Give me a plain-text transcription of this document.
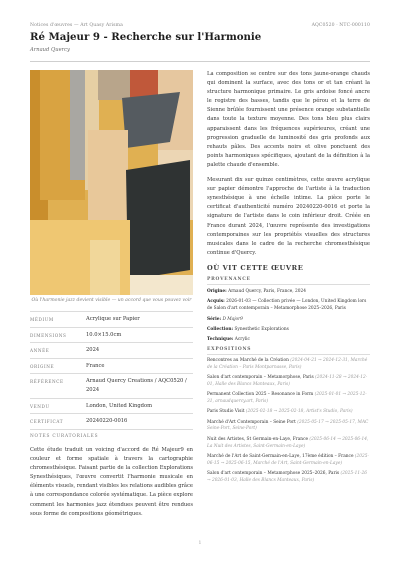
Notices d'œuvres — Art Quasy Arisma	AQC0520 · NTC-000110
Ré Majeur 9 - Recherche sur l'Harmonie
Arnaud Quercy
Où l'harmonie jazz devient visible — un accord que vous pouvez voir
MÉDIUM	Acrylique sur Papier
DIMENSIONS	10.0×15.0cm
ANNÉE	2024
ORIGINE	France
RÉFÉRENCE	Arnaud Quercy Creations / AQC0520 / 2024
VENDU	London, United Kingdom
CERTIFICAT	20240220-0016
NOTES CURATORIALES

Cette étude traduit un voicing d'accord de Ré Majeur9 en couleur et forme spatiale à travers la cartographie chromesthésique. Faisant partie de la collection Explorations Synesthésiques, l'œuvre convertit l'harmonie musicale en éléments visuels, rendant visibles les relations audibles grâce à une correspondance colorée systématique. La pièce explore comment les harmonies jazz étendues peuvent être rendues sous forme de compositions géométriques.

La composition se centre sur des tons jaune-orange chauds qui dominent la surface, avec des tons or et tan créant la structure harmonique primaire. Le gris ardoise foncé ancre le registre des basses, tandis que le pérou et la terre de Sienne brûlée fournissent une présence orange substantielle dans toute la texture moyenne. Des tons bleu plus clairs apparaissent dans les fréquences supérieures, créant une progression graduelle de luminosité des gris profonds aux rehauts pâles. Des accents noirs et olive ponctuent des points harmoniques spécifiques, ajoutant de la définition à la palette chaude d'ensemble.

Mesurant dix sur quinze centimètres, cette œuvre acrylique sur papier démontre l'approche de l'artiste à la traduction synesthésique à une échelle intime. La pièce porte le certificat d'authenticité numéro 20240220-0016 et porte la signature de l'artiste dans le coin inférieur droit. Créée en France durant 2024, l'œuvre représente des investigations contemporaines sur les propriétés visuelles des structures musicales dans le cadre de la recherche chromesthésique continue d'Quercy.

OÙ VIT CETTE ŒUVRE
PROVENANCE
Origine: Arnaud Quercy, Paris, France, 2024
Acquis: 2026-01-03 — Collection privée — London, United Kingdom lors de Salon d'art contemporain – Metamorphose 2025–2026, Paris
Série: D Major9
Collection: Synesthetic Explorations
Technique: Acrylic
EXPOSITIONS
Rencontres au Marché de la Création (2024-04-21 → 2024-12-31, Marché de la Création – Paris Montparnasse, Paris)
Salon d'art contemporain – Metamorphose, Paris (2024-11-28 → 2024-12-01, Halle des Blancs Manteaux, Paris)
Permanent Collection 2025 – Resonance in Form (2025-01-01 → 2025-12-31, arnaudquercy.art, Paris)
Paris Studio Visit (2025-02-18 → 2025-02-18, Artist's Studio, Paris)
Marché d'Art Contemporain – Seine Port (2025-05-17 → 2025-05-17, MAC Seine-Port, Seine-Port)
Nuit des Artistes, St Germain-en-Laye, France (2025-06-14 → 2025-06-14, La Nuit des Artistes, Saint-Germain-en-Laye)
Marché de l'Art de Saint-Germain-en-Laye, 17ème édition – France (2025-06-15 → 2025-06-15, Marché de l'Art, Saint-Germain-en-Laye)
Salon d'art contemporain – Metamorphose 2025–2026, Paris (2025-11-26 → 2026-01-03, Halle des Blancs Manteaux, Paris)
1
